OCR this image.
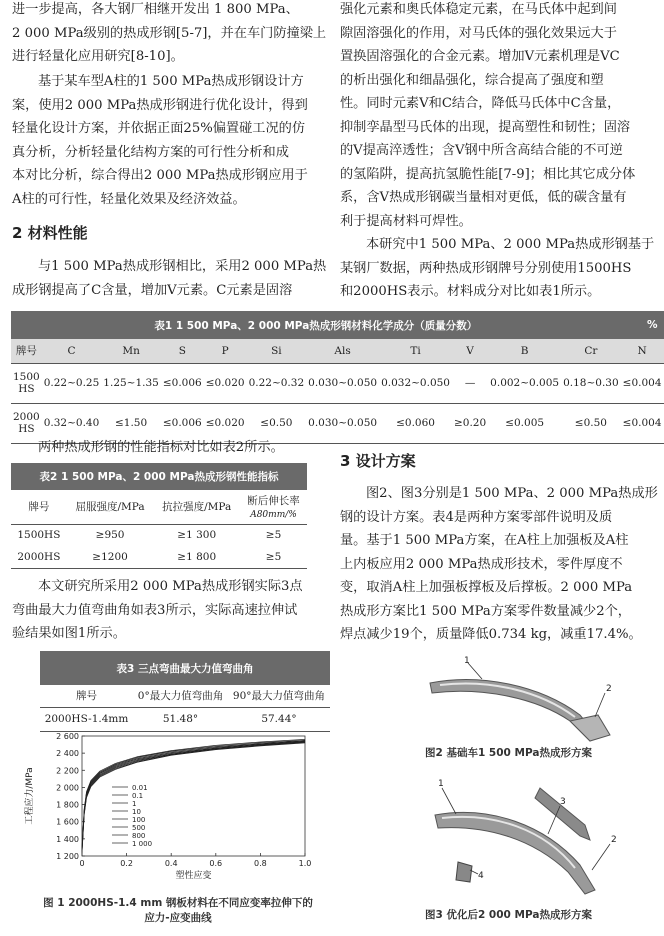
进一步提高，各大钢厂相继开发出 1 800 MPa、
2 000 MPa级别的热成形钢[5-7]，并在车门防撞梁上
进行轻量化应用研究[8-10]。
基于某车型A柱的1 500 MPa热成形钢设计方
案，使用2 000 MPa热成形钢进行优化设计，得到
轻量化设计方案，并依据正面25%偏置碰工况的仿
真分析，分析轻量化结构方案的可行性分析和成
本对比分析，综合得出2 000 MPa热成形钢应用于
A柱的可行性，轻量化效果及经济效益。
2 材料性能
与1 500 MPa热成形钢相比，采用2 000 MPa热
成形钢提高了C含量，增加V元素。C元素是固溶
强化元素和奥氏体稳定元素，在马氏体中起到间
隙固溶强化的作用，对马氏体的强化效果远大于
置换固溶强化的合金元素。增加V元素机理是VC
的析出强化和细晶强化，综合提高了强度和塑
性。同时元素V和C结合，降低马氏体中C含量，
抑制孪晶型马氏体的出现，提高塑性和韧性；固溶
的V提高淬透性；含V钢中所含高结合能的不可逆
的氢陷阱，提高抗氢脆性能[7-9]；相比其它成分体
系，含V热成形钢碳当量相对更低，低的碳含量有
利于提高材料可焊性。
本研究中1 500 MPa、2 000 MPa热成形钢基于
某钢厂数据，两种热成形钢牌号分别使用1500HS
和2000HS表示。材料成分对比如表1所示。
表1 1 500 MPa、2 000 MPa热成形钢材料化学成分（质量分数）											%
牌号	C	Mn	S	P	Si	Als	Ti	V	B	Cr	N
1500
HS	0.22~0.25	1.25~1.35	≤0.006	≤0.020	0.22~0.32	0.030~0.050	0.032~0.050	—	0.002~0.005	0.18~0.30	≤0.004
2000
HS	0.32~0.40	≤1.50	≤0.006	≤0.020	≤0.50	0.030~0.050	≤0.060	≥0.20	≤0.005	≤0.50	≤0.004
两种热成形钢的性能指标对比如表2所示。
表2 1 500 MPa、2 000 MPa热成形钢性能指标			
牌号	屈服强度/MPa	抗拉强度/MPa	断后伸长率
A80mm/%
1500HS	≥950	≥1 300	≥5
2000HS	≥1200	≥1 800	≥5
本文研究所采用2 000 MPa热成形钢实际3点
弯曲最大力值弯曲角如表3所示，实际高速拉伸试
验结果如图1所示。
表3 三点弯曲最大力值弯曲角		
牌号	0°最大力值弯曲角	90°最大力值弯曲角
2000HS-1.4mm	51.48°	57.44°
1 200
1 400
1 600
1 800
2 000
2 200
2 400
2 600
0	0.2	0.4	0.6	0.8	1.0
塑性应变
工程应力/MPa	0.01
0.1
1
10
100
500
800
1 000
图 1 2000HS-1.4 mm 钢板材料在不同应变率拉伸下的
应力-应变曲线
3 设计方案
图2、图3分别是1 500 MPa、2 000 MPa热成形
钢的设计方案。表4是两种方案零部件说明及质
量。基于1 500 MPa方案，在A柱上加强板及A柱
上内板应用2 000 MPa热成形技术，零件厚度不
变，取消A柱上加强板撑板及后撑板。2 000 MPa
热成形方案比1 500 MPa方案零件数量减少2个，
焊点减少19个，质量降低0.734 kg，减重17.4%。
1
2
图2 基础车1 500 MPa热成形方案
1
2
3
4
图3 优化后2 000 MPa热成形方案
